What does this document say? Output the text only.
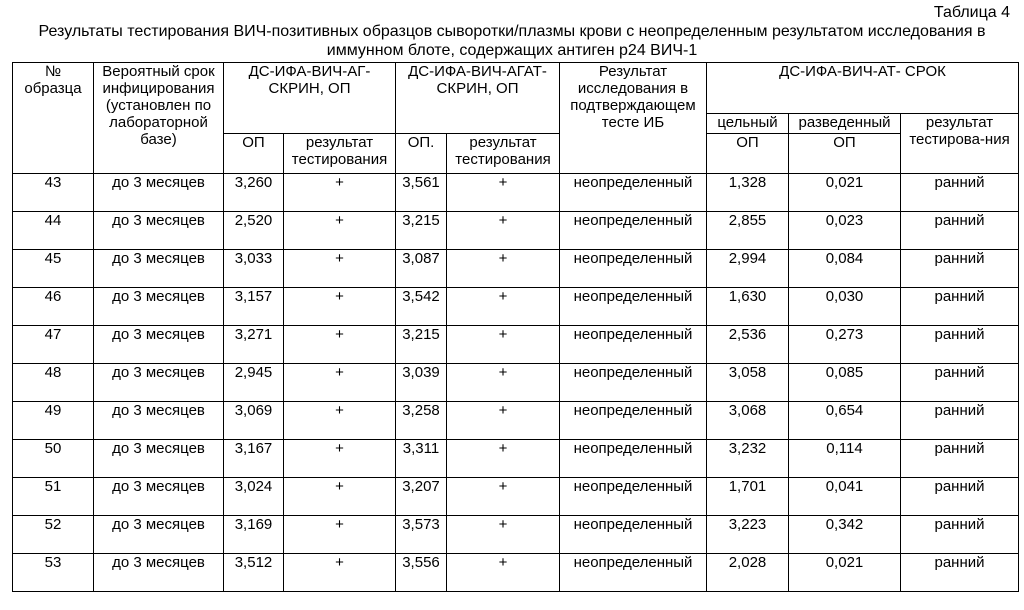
Таблица 4
Результаты тестирования ВИЧ-позитивных образцов сыворотки/плазмы крови с неопределенным результатом исследования в
иммунном блоте, содержащих антиген р24 ВИЧ-1
№ образца	Вероятный срок инфицирования (установлен по лабораторной базе)	ДС-ИФА-ВИЧ-АГ-СКРИН, ОП		ДС-ИФА-ВИЧ-АГАТ-СКРИН, ОП		Результат исследования в подтверждающем тесте ИБ	ДС-ИФА-ВИЧ-АТ- СРОК		
							цельный	разведенный	результат тестирова-ния
		ОП	результат тестирования	ОП.	результат тестирования		ОП	ОП	
43	до 3 месяцев	3,260	+	3,561	+	неопределенный	1,328	0,021	ранний
44	до 3 месяцев	2,520	+	3,215	+	неопределенный	2,855	0,023	ранний
45	до 3 месяцев	3,033	+	3,087	+	неопределенный	2,994	0,084	ранний
46	до 3 месяцев	3,157	+	3,542	+	неопределенный	1,630	0,030	ранний
47	до 3 месяцев	3,271	+	3,215	+	неопределенный	2,536	0,273	ранний
48	до 3 месяцев	2,945	+	3,039	+	неопределенный	3,058	0,085	ранний
49	до 3 месяцев	3,069	+	3,258	+	неопределенный	3,068	0,654	ранний
50	до 3 месяцев	3,167	+	3,311	+	неопределенный	3,232	0,114	ранний
51	до 3 месяцев	3,024	+	3,207	+	неопределенный	1,701	0,041	ранний
52	до 3 месяцев	3,169	+	3,573	+	неопределенный	3,223	0,342	ранний
53	до 3 месяцев	3,512	+	3,556	+	неопределенный	2,028	0,021	ранний
